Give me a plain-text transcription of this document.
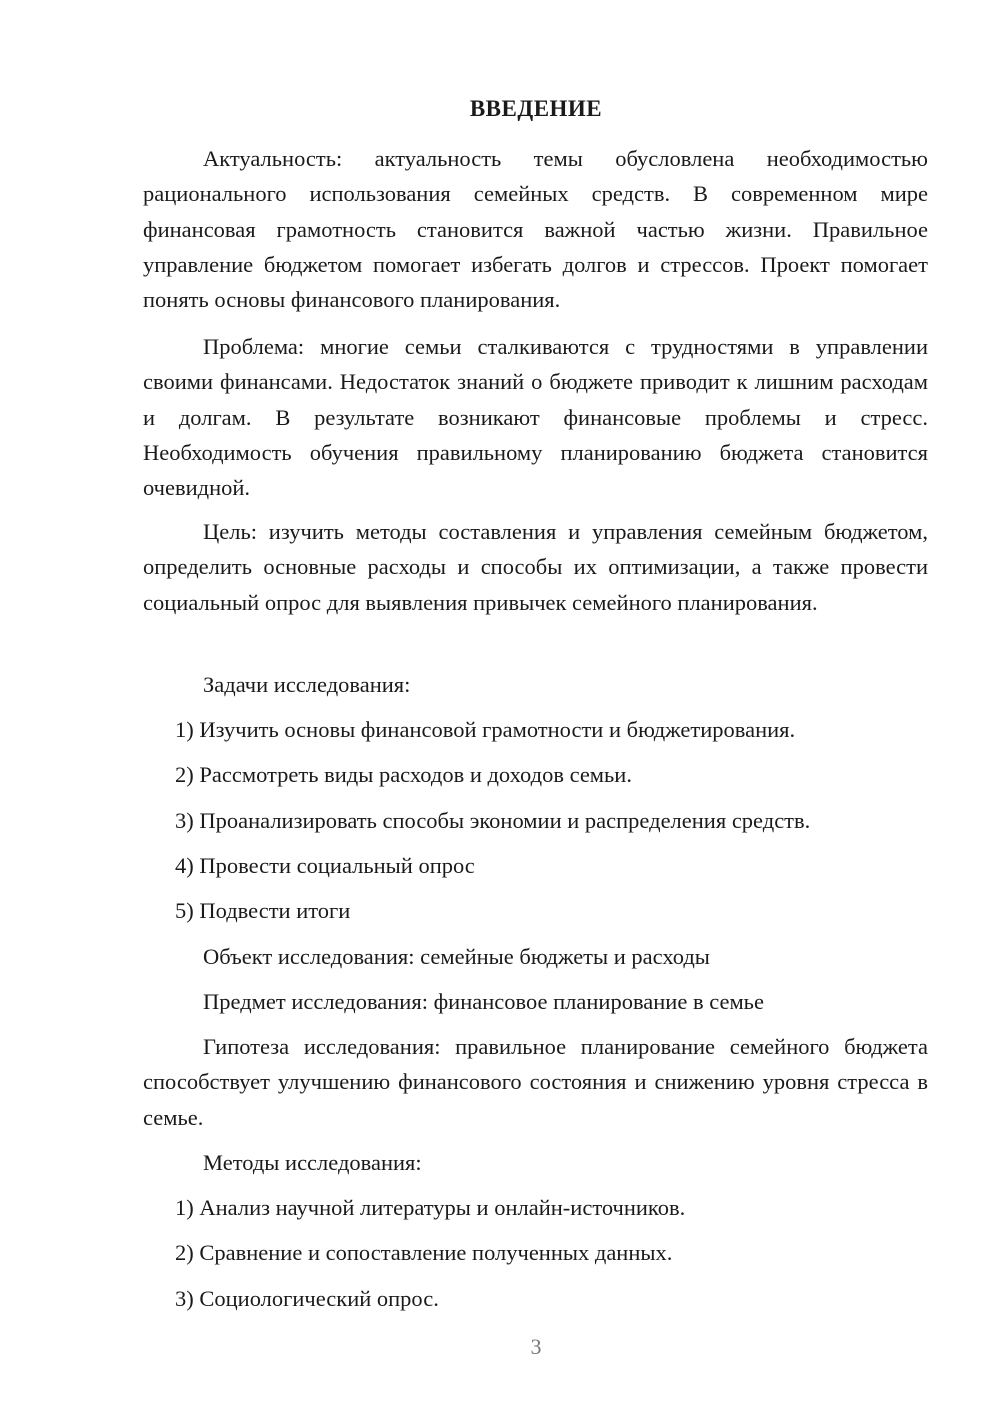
ВВЕДЕНИЕ

Актуальность: актуальность темы обусловлена необходимостью рационального использования семейных средств. В современном мире финансовая грамотность становится важной частью жизни. Правильное управление бюджетом помогает избегать долгов и стрессов. Проект помогает понять основы финансового планирования.

Проблема: многие семьи сталкиваются с трудностями в управлении своими финансами. Недостаток знаний о бюджете приводит к лишним расходам и долгам. В результате возникают финансовые проблемы и стресс. Необходимость обучения правильному планированию бюджета становится очевидной.

Цель: изучить методы составления и управления семейным бюджетом, определить основные расходы и способы их оптимизации, а также провести социальный опрос для выявления привычек семейного планирования.

Задачи исследования:

1) Изучить основы финансовой грамотности и бюджетирования.

2) Рассмотреть виды расходов и доходов семьи.

3) Проанализировать способы экономии и распределения средств.

4) Провести социальный опрос

5) Подвести итоги

Объект исследования: семейные бюджеты и расходы

Предмет исследования: финансовое планирование в семье

Гипотеза исследования: правильное планирование семейного бюджета способствует улучшению финансового состояния и снижению уровня стресса в семье.

Методы исследования:

1) Анализ научной литературы и онлайн-источников.

2) Сравнение и сопоставление полученных данных.

3) Социологический опрос.

3
